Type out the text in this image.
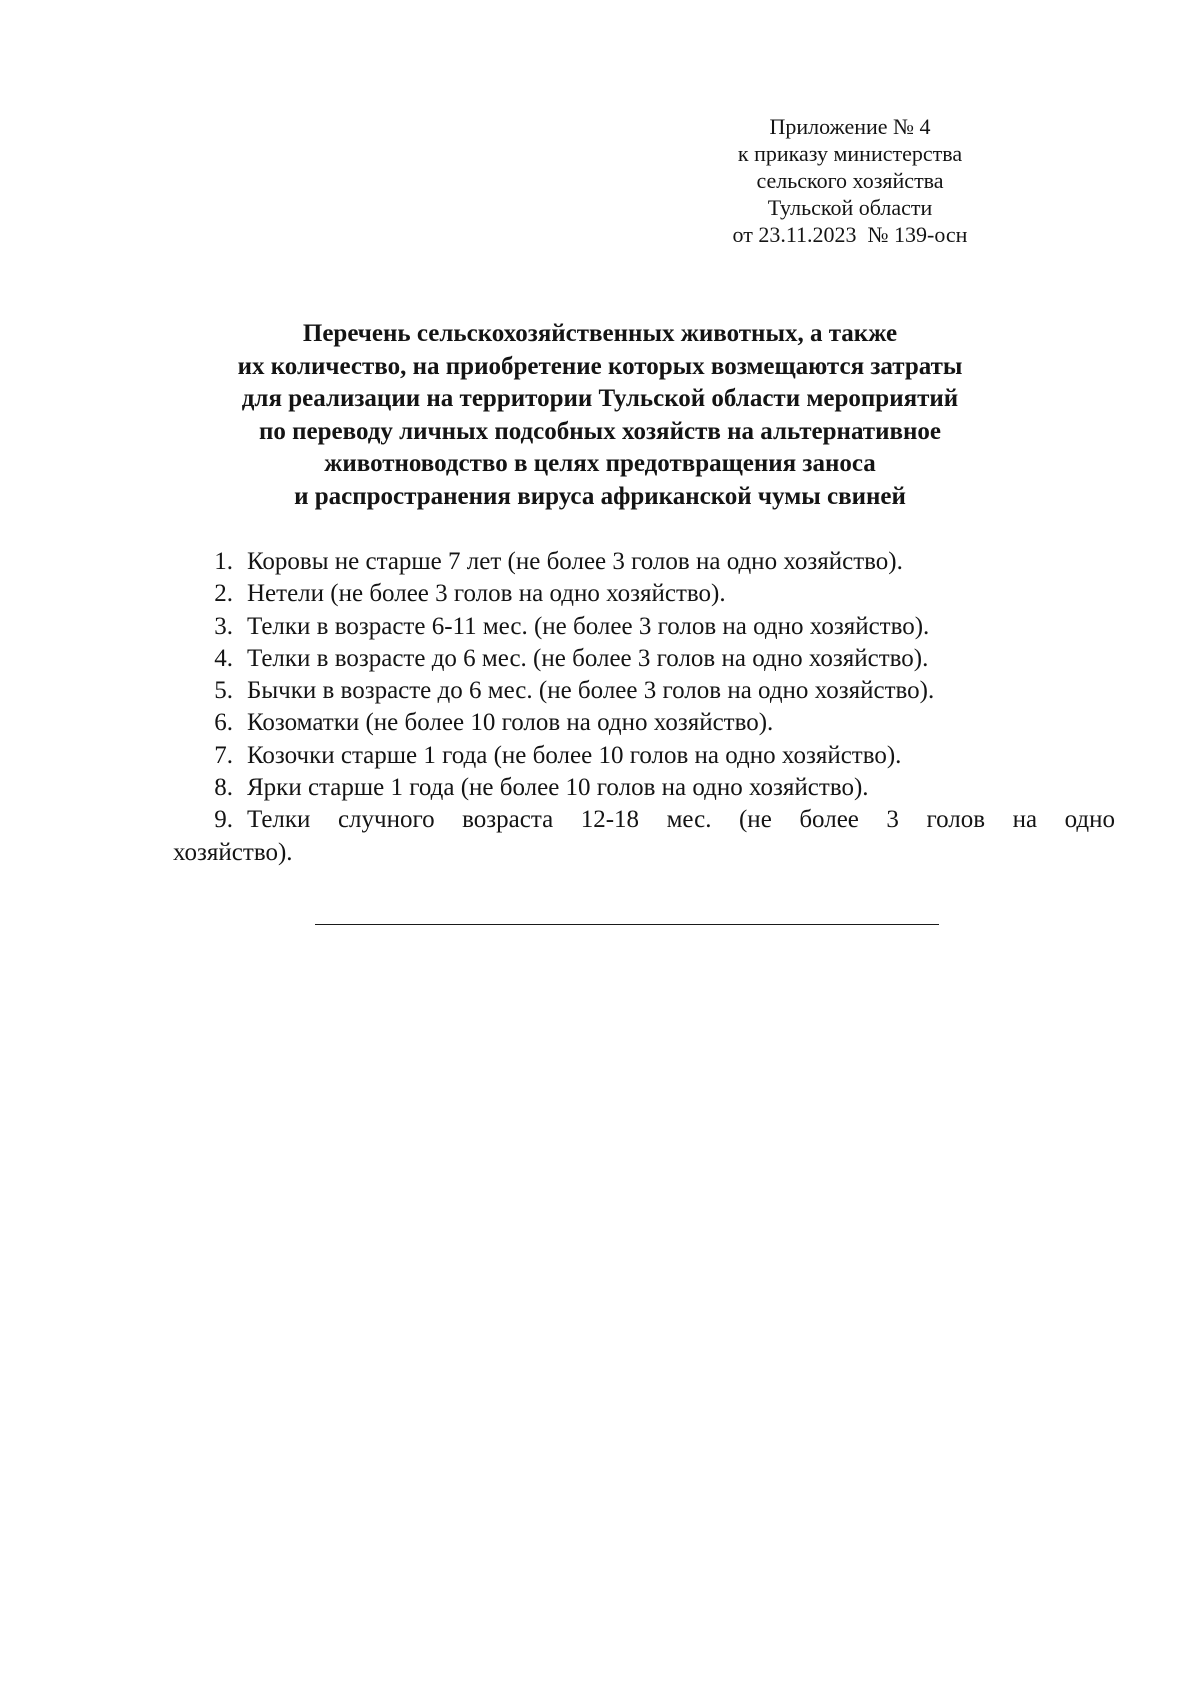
Приложение № 4
к приказу министерства
сельского хозяйства
Тульской области
от 23.11.2023  № 139-осн
Перечень сельскохозяйственных животных, а также
их количество, на приобретение которых возмещаются затраты
для реализации на территории Тульской области мероприятий
по переводу личных подсобных хозяйств на альтернативное
животноводство в целях предотвращения заноса
и распространения вируса африканской чумы свиней
1. Коровы не старше 7 лет (не более 3 голов на одно хозяйство).
2. Нетели (не более 3 голов на одно хозяйство).
3. Телки в возрасте 6-11 мес. (не более 3 голов на одно хозяйство).
4. Телки в возрасте до 6 мес. (не более 3 голов на одно хозяйство).
5. Бычки в возрасте до 6 мес. (не более 3 голов на одно хозяйство).
6. Козоматки (не более 10 голов на одно хозяйство).
7. Козочки старше 1 года (не более 10 голов на одно хозяйство).
8. Ярки старше 1 года (не более 10 голов на одно хозяйство).
9. Телки случного возраста 12-18 мес. (не более 3 голов на одно
хозяйство).
